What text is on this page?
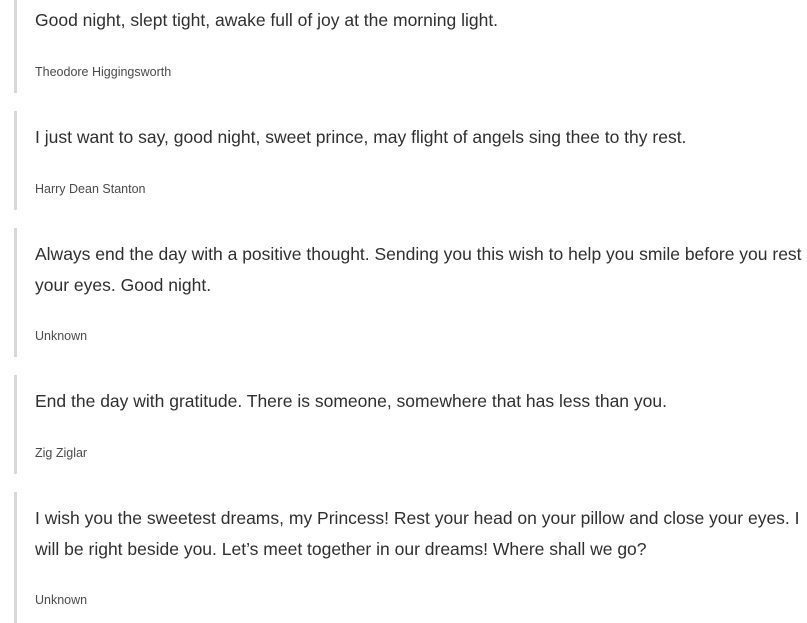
Good night, slept tight, awake full of joy at the morning light.

Theodore Higgingsworth

I just want to say, good night, sweet prince, may flight of angels sing thee to thy rest.

Harry Dean Stanton

Always end the day with a positive thought. Sending you this wish to help you smile before you rest your eyes. Good night.

Unknown

End the day with gratitude. There is someone, somewhere that has less than you.

Zig Ziglar

I wish you the sweetest dreams, my Princess! Rest your head on your pillow and close your eyes. I will be right beside you. Let’s meet together in our dreams! Where shall we go?

Unknown
